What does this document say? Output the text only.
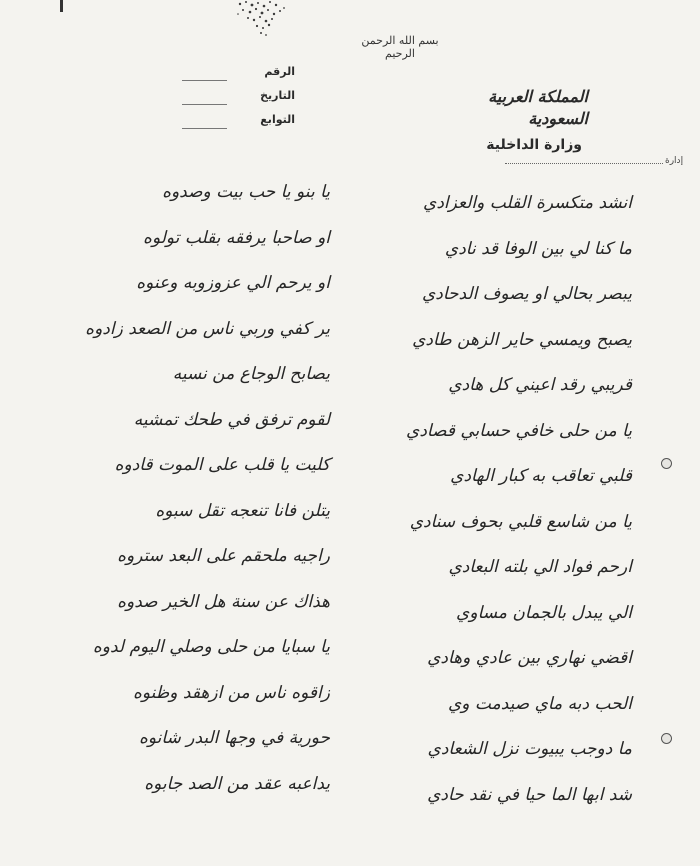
بسم الله الرحمن الرحيم
الرقم
التاريخ
التوابع
المملكة العربية السعودية
وزارة الداخلية
إدارة
انشد متكسرة القلب والعزادي
ما كنا لي بين الوفا قد نادي
يبصر بحالي او يصوف الدحادي
يصبح ويمسي حاير الزهن طادي
قريبي رقد اعيني كل هادي
يا من حلى خافي حسابي قصادي
قلبي تعاقب به كبار الهادي
يا من شاسع قلبي بحوف سنادي
ارحم فواد الي بلته البعادي
الي يبدل بالجمان مساوي
اقضي نهاري بين عادي وهادي
الحب دبه ماي صيدمت وي
ما دوجب يبيوت نزل الشعادي
شد ابها الما حيا في نقد حادي
يا بنو يا حب بيت وصدوه
او صاحبا يرفقه بقلب تولوه
او يرحم الي عزوزوبه وعنوه
ير كفي وربي ناس من الصعد زادوه
يصابح الوجاع من نسيه
لقوم ترفق في طحك تمشيه
كليت يا قلب على الموت قادوه
يتلن فانا تنعجه تقل سبوه
راجيه ملحقم على البعد ستروه
هذاك عن سنة هل الخير صدوه
يا سبايا من حلى وصلي اليوم لدوه
زاقوه ناس من ازهقد وظنوه
حورية في وجها البدر شانوه
يداعبه عقد من الصد جابوه
